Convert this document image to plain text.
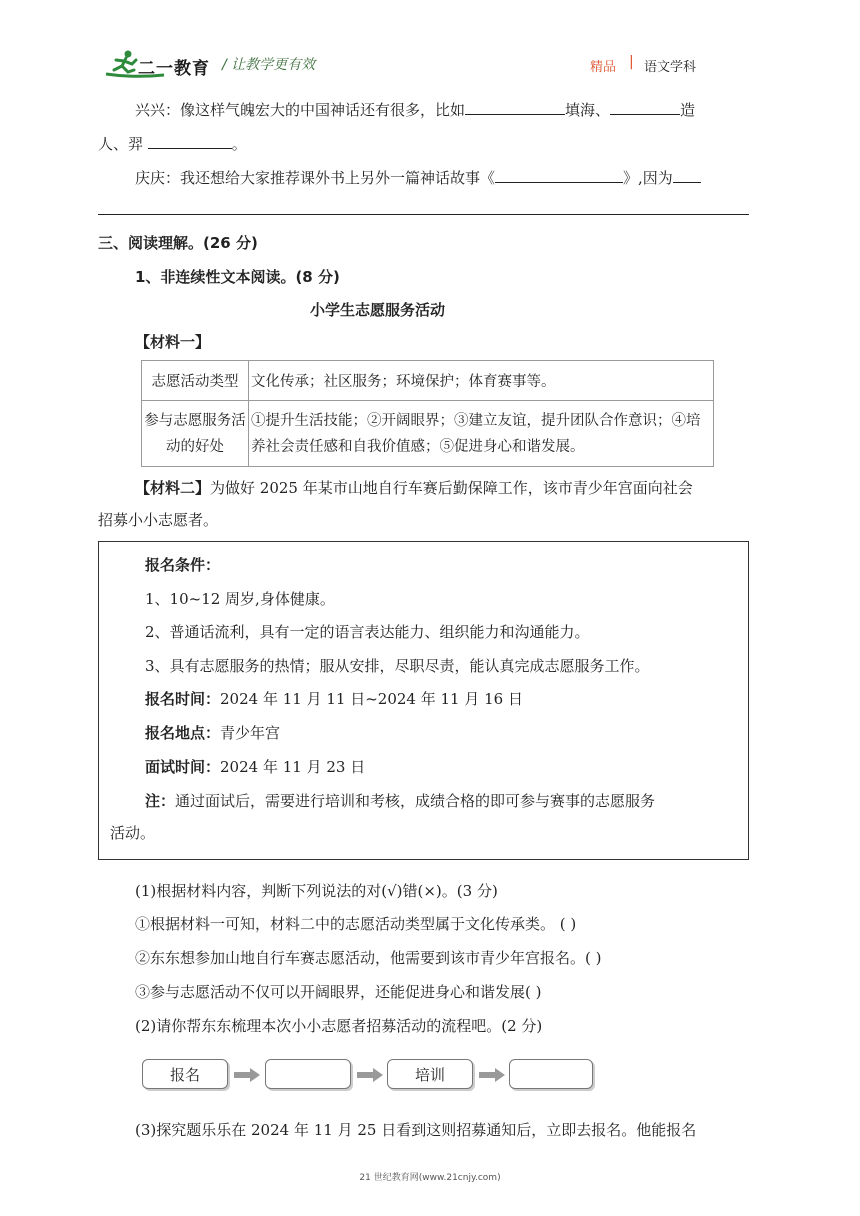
二一教育 / 让教学更有效	精品 | 语文学科
兴兴：像这样气魄宏大的中国神话还有很多，比如	填海、	造
人、羿	。
庆庆：我还想给大家推荐课外书上另外一篇神话故事《	》,因为
三、阅读理解。(26 分)
1、非连续性文本阅读。(8 分)
小学生志愿服务活动
【材料一】
志愿活动类型	文化传承；社区服务；环境保护；体育赛事等。
参与志愿服务活动的好处	①提升生活技能；②开阔眼界；③建立友谊，提升团队合作意识；④培养社会责任感和自我价值感；⑤促进身心和谐发展。
【材料二】为做好 2025 年某市山地自行车赛后勤保障工作，该市青少年宫面向社会
招募小小志愿者。
报名条件：
1、10~12 周岁,身体健康。
2、普通话流利，具有一定的语言表达能力、组织能力和沟通能力。
3、具有志愿服务的热情；服从安排，尽职尽责，能认真完成志愿服务工作。
报名时间：2024 年 11 月 11 日~2024 年 11 月 16 日
报名地点：青少年宫
面试时间：2024 年 11 月 23 日
注：通过面试后，需要进行培训和考核，成绩合格的即可参与赛事的志愿服务
活动。
(1)根据材料内容，判断下列说法的对(√)错(×)。(3 分)
①根据材料一可知，材料二中的志愿活动类型属于文化传承类。 ( )
②东东想参加山地自行车赛志愿活动，他需要到该市青少年宫报名。( )
③参与志愿活动不仅可以开阔眼界，还能促进身心和谐发展( )
(2)请你帮东东梳理本次小小志愿者招募活动的流程吧。(2 分)
报名	培训
(3)探究题乐乐在 2024 年 11 月 25 日看到这则招募通知后，立即去报名。他能报名
21 世纪教育网(www.21cnjy.com)
